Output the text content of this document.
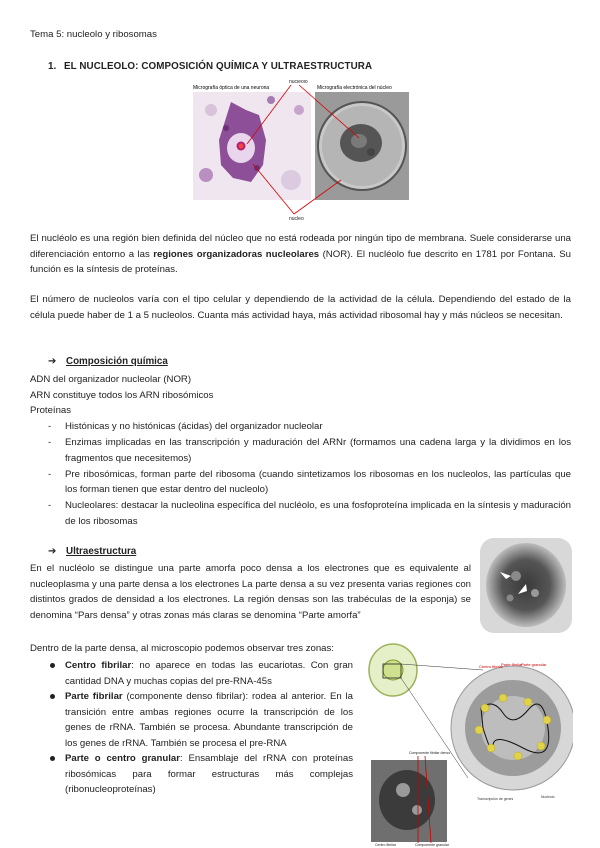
Tema 5: nucleolo y ribosomas
1. EL NUCLEOLO: COMPOSICIÓN QUÍMICA Y ULTRAESTRUCTURA
Micrografía óptica de una neurona	Micrografía electrónica del núcleo
nucleolo
nucleo

El nucléolo es una región bien definida del núcleo que no está rodeada por ningún tipo de membrana. Suele considerarse una diferenciación entorno a las regiones organizadoras nucleolares (NOR). El nucléolo fue descrito en 1781 por Fontana. Su función es la síntesis de proteínas.

El número de nucleolos varía con el tipo celular y dependiendo de la actividad de la célula. Dependiendo del estado de la célula puede haber de 1 a 5 nucleolos. Cuanta más actividad haya, más actividad ribosomal hay y más núcleos se necesitan.

➔ Composición química
ADN del organizador nucleolar (NOR)
ARN constituye todos los ARN ribosómicos
Proteínas
- Histónicas y no histónicas (ácidas) del organizador nucleolar
- Enzimas implicadas en las transcripción y maduración del ARNr (formamos una cadena larga y la dividimos en los fragmentos que necesitemos)
- Pre ribosómicas, forman parte del ribosoma (cuando sintetizamos los ribosomas en los nucleolos, las partículas que los forman tienen que estar dentro del nucleolo)
- Nucleolares: destacar la nucleolina específica del nucléolo, es una fosfoproteína implicada en la síntesis y maduración de los ribosomas
➔ Ultraestructura

En el nucléolo se distingue una parte amorfa poco densa a los electrones que es equivalente al nucleoplasma y una parte densa a los electrones La parte densa a su vez presenta varias regiones con distintos grados de densidad a los electrones. La región densas son las trabéculas de la esponja) se denomina “Pars densa” y otras zonas más claras se denomina “Parte amorfa”

Dentro de la parte densa, al microscopio podemos observar tres zonas:
Centro fibrilar: no aparece en todas las eucariotas. Con gran cantidad DNA y muchas copias del pre-RNA-45s
Parte fibrilar (componente denso fibrilar): rodea al anterior. En la transición entre ambas regiones ocurre la transcripción de los genes de rRNA. También se procesa. Abundante transcripción de los genes de rRNA. También se procesa el pre-RNA
Parte o centro granular: Ensamblaje del rRNA con proteínas ribosómicas para formar estructuras más complejas (ribonucleoproteínas)
Centro fibrilar
Parte fibrilar
Parte granular
Transcripción de genes	Nucleolo
Componente fibrilar denso
Centro fibrilar	Componente granular
